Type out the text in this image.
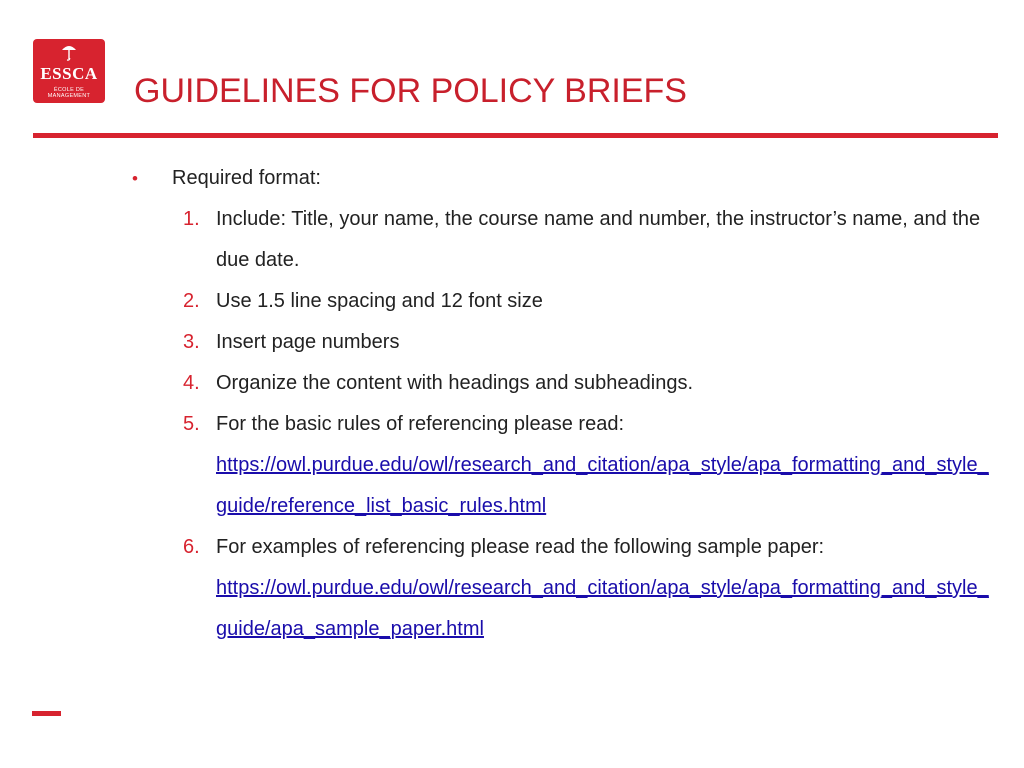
ESSCA
ÉCOLE DE MANAGEMENT	GUIDELINES FOR POLICY BRIEFS
• Required format:
1. Include: Title, your name, the course name and number, the instructor’s name, and the due date.
2. Use 1.5 line spacing and 12 font size
3. Insert page numbers
4. Organize the content with headings and subheadings.
5. For the basic rules of referencing please read:
https://owl.purdue.edu/owl/research_and_citation/apa_style/apa_formatting_and_style_guide/reference_list_basic_rules.html
6. For examples of referencing please read the following sample paper:
https://owl.purdue.edu/owl/research_and_citation/apa_style/apa_formatting_and_style_guide/apa_sample_paper.html
